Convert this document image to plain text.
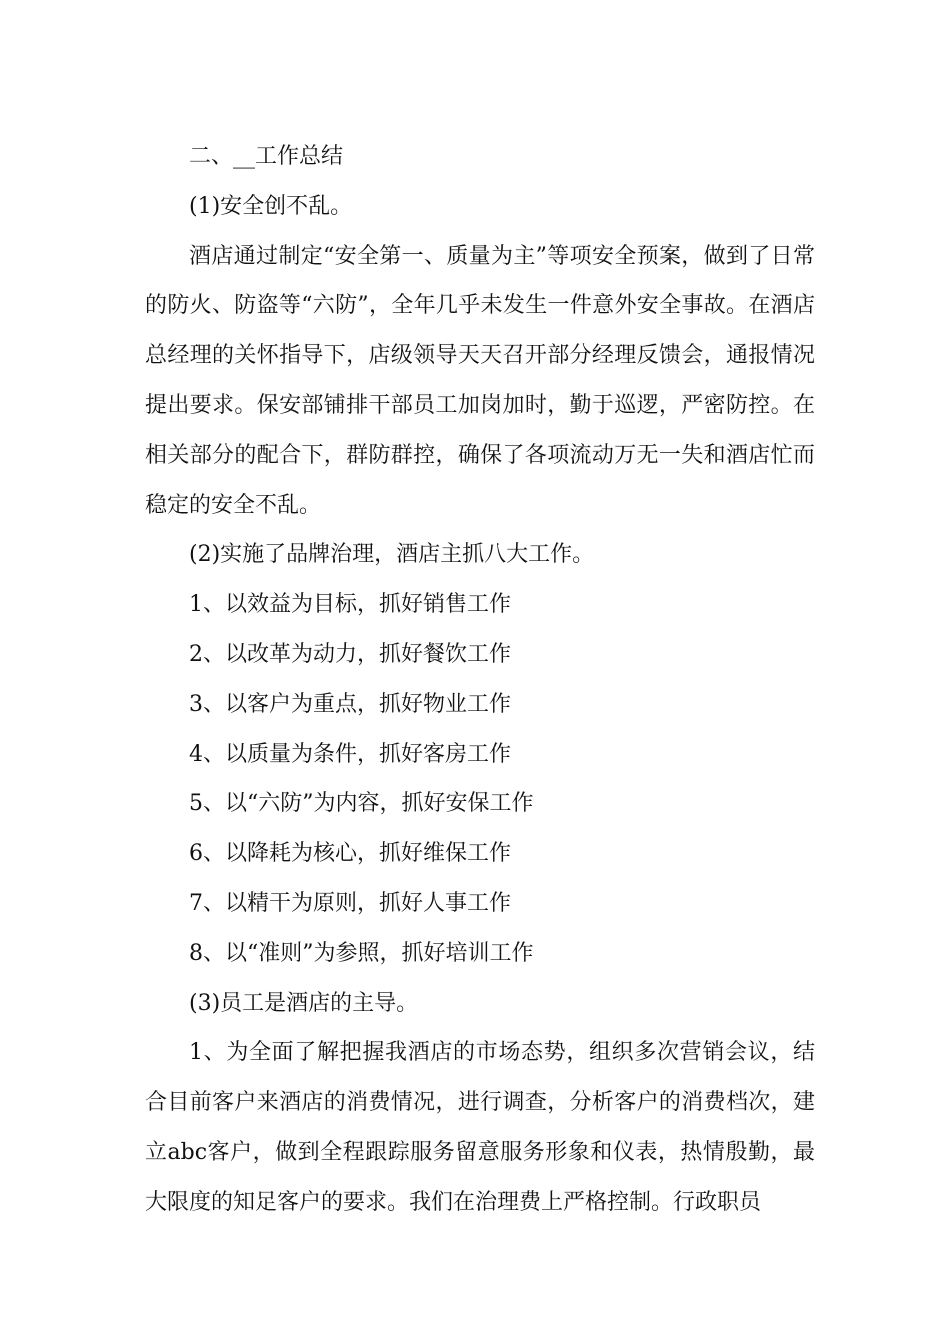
二、__工作总结

(1)安全创不乱。

酒店通过制定“安全第一、质量为主”等项安全预案，做到了日常的防火、防盗等“六防”，全年几乎未发生一件意外安全事故。在酒店总经理的关怀指导下，店级领导天天召开部分经理反馈会，通报情况提出要求。保安部铺排干部员工加岗加时，勤于巡逻，严密防控。在相关部分的配合下，群防群控，确保了各项流动万无一失和酒店忙而稳定的安全不乱。

(2)实施了品牌治理，酒店主抓八大工作。

1、以效益为目标，抓好销售工作

2、以改革为动力，抓好餐饮工作

3、以客户为重点，抓好物业工作

4、以质量为条件，抓好客房工作

5、以“六防”为内容，抓好安保工作

6、以降耗为核心，抓好维保工作

7、以精干为原则，抓好人事工作

8、以“准则”为参照，抓好培训工作

(3)员工是酒店的主导。

1、为全面了解把握我酒店的市场态势，组织多次营销会议，结合目前客户来酒店的消费情况，进行调查，分析客户的消费档次，建立abc客户，做到全程跟踪服务留意服务形象和仪表，热情殷勤，最大限度的知足客户的要求。我们在治理费上严格控制。行政职员
